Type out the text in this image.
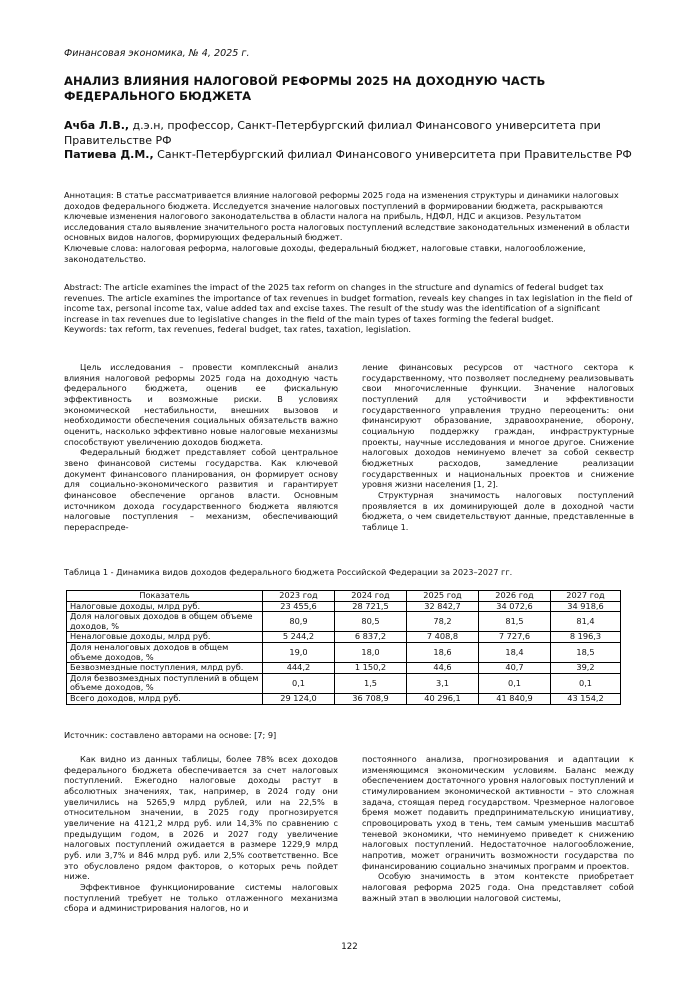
Финансовая экономика, № 4, 2025 г.
АНАЛИЗ ВЛИЯНИЯ НАЛОГОВОЙ РЕФОРМЫ 2025 НА ДОХОДНУЮ ЧАСТЬ
ФЕДЕРАЛЬНОГО БЮДЖЕТА

Ачба Л.В., д.э.н, профессор, Санкт-Петербургский филиал Финансового университета при Правительстве РФ

Патиева Д.М., Санкт-Петербургский филиал Финансового университета при Правительстве РФ

Аннотация: В статье рассматривается влияние налоговой реформы 2025 года на изменения структуры и динамики налоговых доходов федерального бюджета. Исследуется значение налоговых поступлений в формировании бюджета, раскрываются ключевые изменения налогового законодательства в области налога на прибыль, НДФЛ, НДС и акцизов. Результатом исследования стало выявление значительного роста налоговых поступлений вследствие законодательных изменений в области основных видов налогов, формирующих федеральный бюджет.

Ключевые слова: налоговая реформа, налоговые доходы, федеральный бюджет, налоговые ставки, налогообложение, законодательство.

Abstract: The article examines the impact of the 2025 tax reform on changes in the structure and dynamics of federal budget tax revenues. The article examines the importance of tax revenues in budget formation, reveals key changes in tax legislation in the field of income tax, personal income tax, value added tax and excise taxes. The result of the study was the identification of a significant increase in tax revenues due to legislative changes in the field of the main types of taxes forming the federal budget.

Keywords: tax reform, tax revenues, federal budget, tax rates, taxation, legislation.

Цель исследования – провести комплексный анализ влияния налоговой реформы 2025 года на доходную часть федерального бюджета, оценив ее фискальную эффективность и возможные риски. В условиях экономической нестабильности, внешних вызовов и необходимости обеспечения социальных обязательств важно оценить, насколько эффективно новые налоговые механизмы способствуют увеличению доходов бюджета.

Федеральный бюджет представляет собой центральное звено финансовой системы государства. Как ключевой документ финансового планирования, он формирует основу для социально-экономического развития и гарантирует финансовое обеспечение органов власти. Основным источником дохода государственного бюджета являются налоговые поступления – механизм, обеспечивающий перераспреде-

ление финансовых ресурсов от частного сектора к государственному, что позволяет последнему реализовывать свои многочисленные функции. Значение налоговых поступлений для устойчивости и эффективности государственного управления трудно переоценить: они финансируют образование, здравоохранение, оборону, социальную поддержку граждан, инфраструктурные проекты, научные исследования и многое другое. Снижение налоговых доходов неминуемо влечет за собой секвестр бюджетных расходов, замедление реализации государственных и национальных проектов и снижение уровня жизни населения [1, 2].

Структурная значимость налоговых поступлений проявляется в их доминирующей доле в доходной части бюджета, о чем свидетельствуют данные, представленные в таблице 1.

Таблица 1 - Динамика видов доходов федерального бюджета Российской Федерации за 2023–2027 гг.
Показатель	2023 год	2024 год	2025 год	2026 год	2027 год
Налоговые доходы, млрд руб.	23 455,6	28 721,5	32 842,7	34 072,6	34 918,6
Доля налоговых доходов в общем объеме доходов, %	80,9	80,5	78,2	81,5	81,4
Неналоговые доходы, млрд руб.	5 244,2	6 837,2	7 408,8	7 727,6	8 196,3
Доля неналоговых доходов в общем объеме доходов, %	19,0	18,0	18,6	18,4	18,5
Безвозмездные поступления, млрд руб.	444,2	1 150,2	44,6	40,7	39,2
Доля безвозмездных поступлений в общем объеме доходов, %	0,1	1,5	3,1	0,1	0,1
Всего доходов, млрд руб.	29 124,0	36 708,9	40 296,1	41 840,9	43 154,2
Источник: составлено авторами на основе: [7; 9]

Как видно из данных таблицы, более 78% всех доходов федерального бюджета обеспечивается за счет налоговых поступлений. Ежегодно налоговые доходы растут в абсолютных значениях, так, например, в 2024 году они увеличились на 5265,9 млрд рублей, или на 22,5% в относительном значении, в 2025 году прогнозируется увеличение на 4121,2 млрд руб. или 14,3% по сравнению с предыдущим годом, в 2026 и 2027 году увеличение налоговых поступлений ожидается в размере 1229,9 млрд руб. или 3,7% и 846 млрд руб. или 2,5% соответственно. Все это обусловлено рядом факторов, о которых речь пойдет ниже.

Эффективное функционирование системы налоговых поступлений требует не только отлаженного механизма сбора и администрирования налогов, но и

постоянного анализа, прогнозирования и адаптации к изменяющимся экономическим условиям. Баланс между обеспечением достаточного уровня налоговых поступлений и стимулированием экономической активности – это сложная задача, стоящая перед государством. Чрезмерное налоговое бремя может подавить предпринимательскую инициативу, спровоцировать уход в тень, тем самым уменьшив масштаб теневой экономики, что неминуемо приведет к снижению налоговых поступлений. Недостаточное налогообложение, напротив, может ограничить возможности государства по финансированию социально значимых программ и проектов.

Особую значимость в этом контексте приобретает налоговая реформа 2025 года. Она представляет собой важный этап в эволюции налоговой системы,

122
